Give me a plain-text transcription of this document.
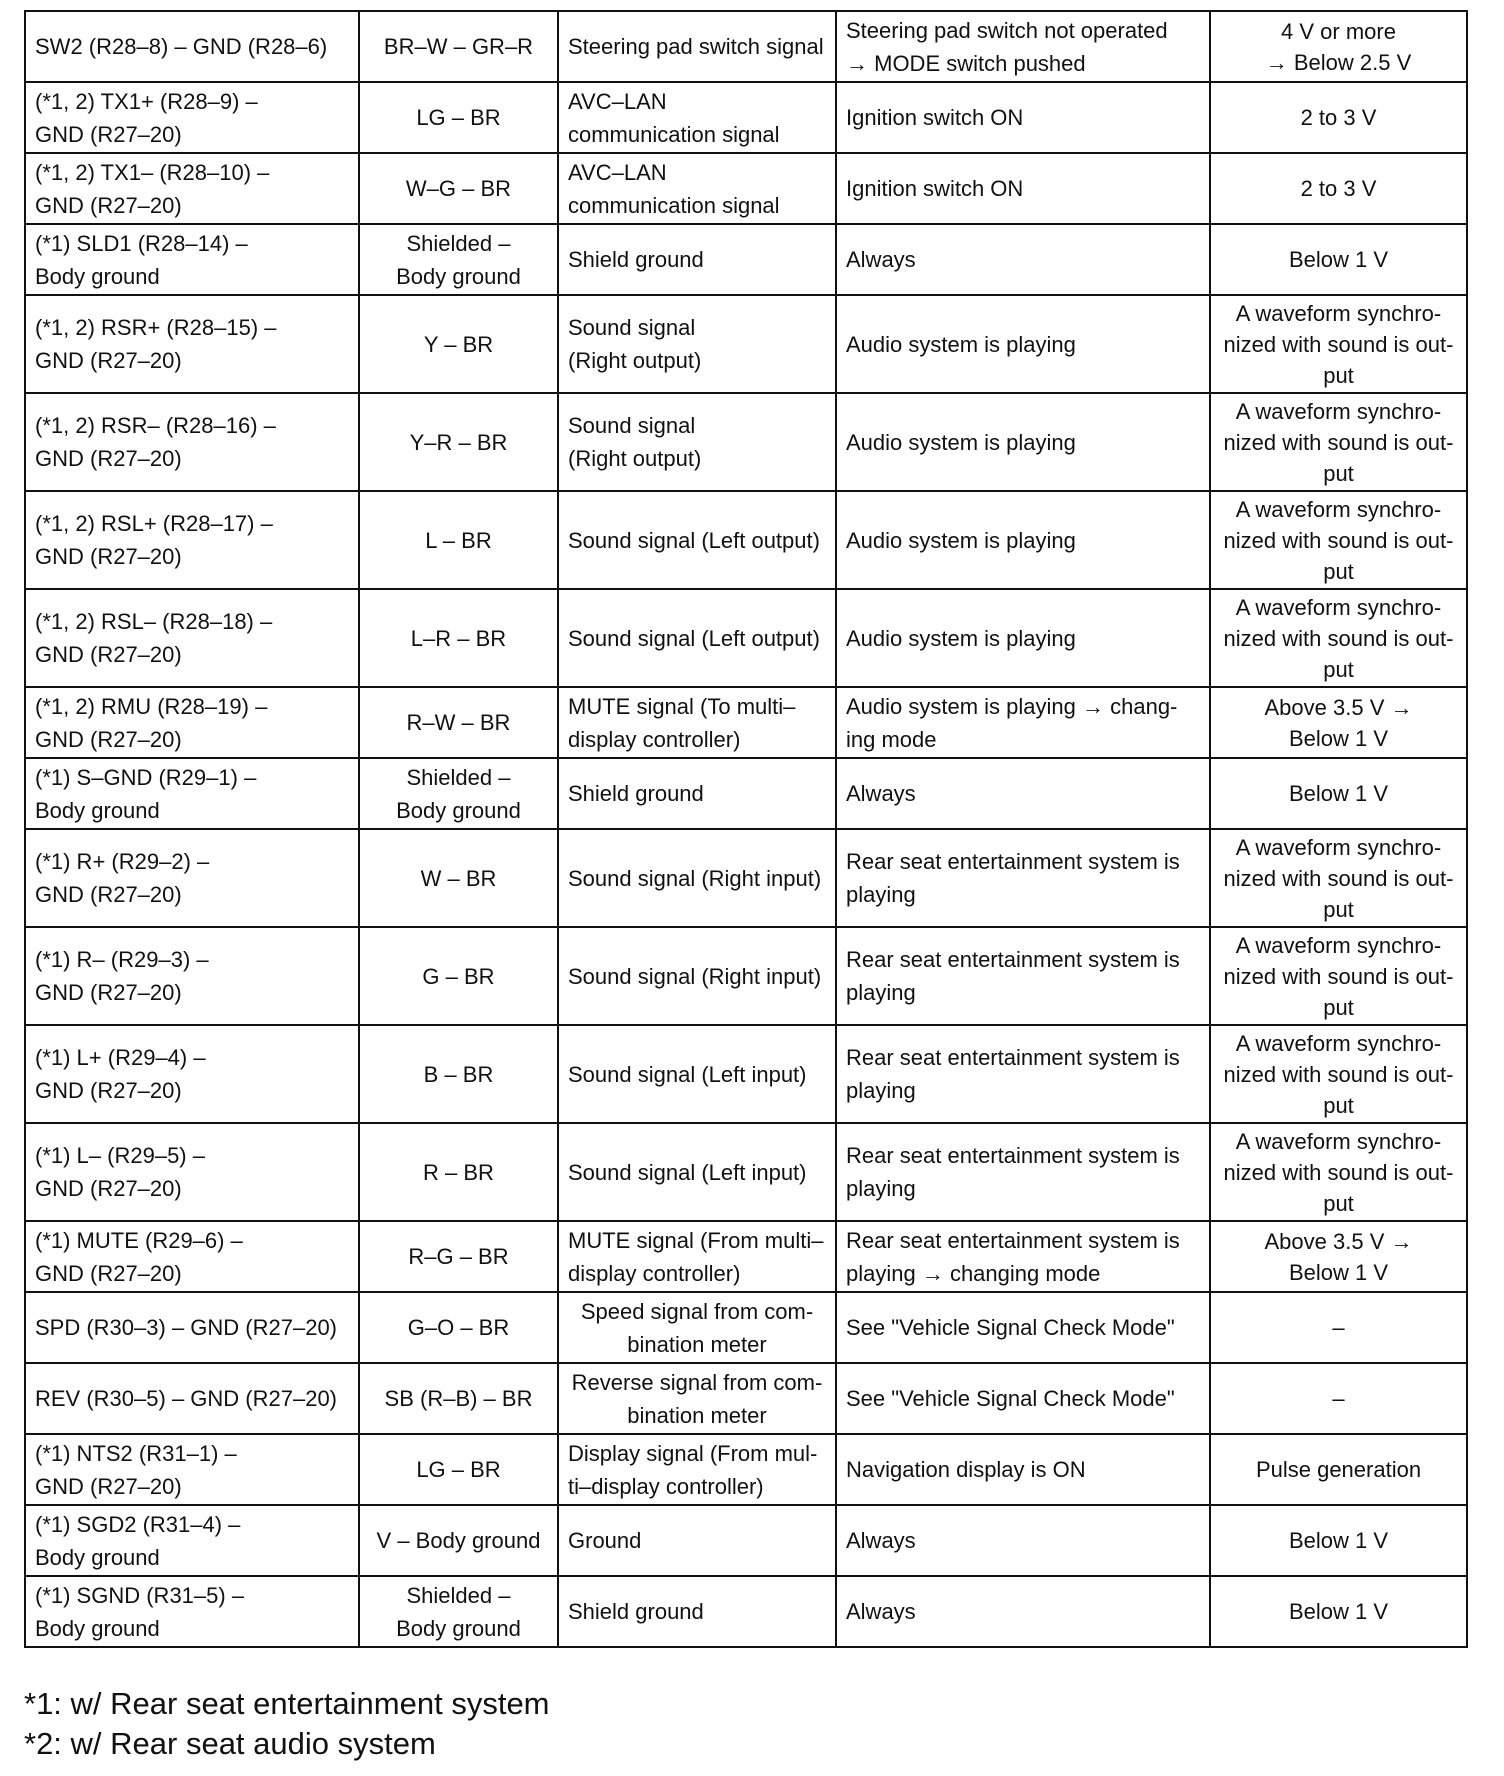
SW2 (R28–8) – GND (R28–6)	BR–W – GR–R	Steering pad switch signal	Steering pad switch not operated
→ MODE switch pushed	4 V or more
→ Below 2.5 V
(*1, 2) TX1+ (R28–9) –
GND (R27–20)	LG – BR	AVC–LAN
communication signal	Ignition switch ON	2 to 3 V
(*1, 2) TX1– (R28–10) –
GND (R27–20)	W–G – BR	AVC–LAN
communication signal	Ignition switch ON	2 to 3 V
(*1) SLD1 (R28–14) –
Body ground	Shielded –
Body ground	Shield ground	Always	Below 1 V
(*1, 2) RSR+ (R28–15) –
GND (R27–20)	Y – BR	Sound signal
(Right output)	Audio system is playing	A waveform synchro-
nized with sound is out-
put
(*1, 2) RSR– (R28–16) –
GND (R27–20)	Y–R – BR	Sound signal
(Right output)	Audio system is playing	A waveform synchro-
nized with sound is out-
put
(*1, 2) RSL+ (R28–17) –
GND (R27–20)	L – BR	Sound signal (Left output)	Audio system is playing	A waveform synchro-
nized with sound is out-
put
(*1, 2) RSL– (R28–18) –
GND (R27–20)	L–R – BR	Sound signal (Left output)	Audio system is playing	A waveform synchro-
nized with sound is out-
put
(*1, 2) RMU (R28–19) –
GND (R27–20)	R–W – BR	MUTE signal (To multi–
display controller)	Audio system is playing → chang-
ing mode	Above 3.5 V →
Below 1 V
(*1) S–GND (R29–1) –
Body ground	Shielded –
Body ground	Shield ground	Always	Below 1 V
(*1) R+ (R29–2) –
GND (R27–20)	W – BR	Sound signal (Right input)	Rear seat entertainment system is
playing	A waveform synchro-
nized with sound is out-
put
(*1) R– (R29–3) –
GND (R27–20)	G – BR	Sound signal (Right input)	Rear seat entertainment system is
playing	A waveform synchro-
nized with sound is out-
put
(*1) L+ (R29–4) –
GND (R27–20)	B – BR	Sound signal (Left input)	Rear seat entertainment system is
playing	A waveform synchro-
nized with sound is out-
put
(*1) L– (R29–5) –
GND (R27–20)	R – BR	Sound signal (Left input)	Rear seat entertainment system is
playing	A waveform synchro-
nized with sound is out-
put
(*1) MUTE (R29–6) –
GND (R27–20)	R–G – BR	MUTE signal (From multi–
display controller)	Rear seat entertainment system is
playing → changing mode	Above 3.5 V →
Below 1 V
SPD (R30–3) – GND (R27–20)	G–O – BR	Speed signal from com-
bination meter	See "Vehicle Signal Check Mode"	–
REV (R30–5) – GND (R27–20)	SB (R–B) – BR	Reverse signal from com-
bination meter	See "Vehicle Signal Check Mode"	–
(*1) NTS2 (R31–1) –
GND (R27–20)	LG – BR	Display signal (From mul-
ti–display controller)	Navigation display is ON	Pulse generation
(*1) SGD2 (R31–4) –
Body ground	V – Body ground	Ground	Always	Below 1 V
(*1) SGND (R31–5) –
Body ground	Shielded –
Body ground	Shield ground	Always	Below 1 V
*1: w/ Rear seat entertainment system
*2: w/ Rear seat audio system
